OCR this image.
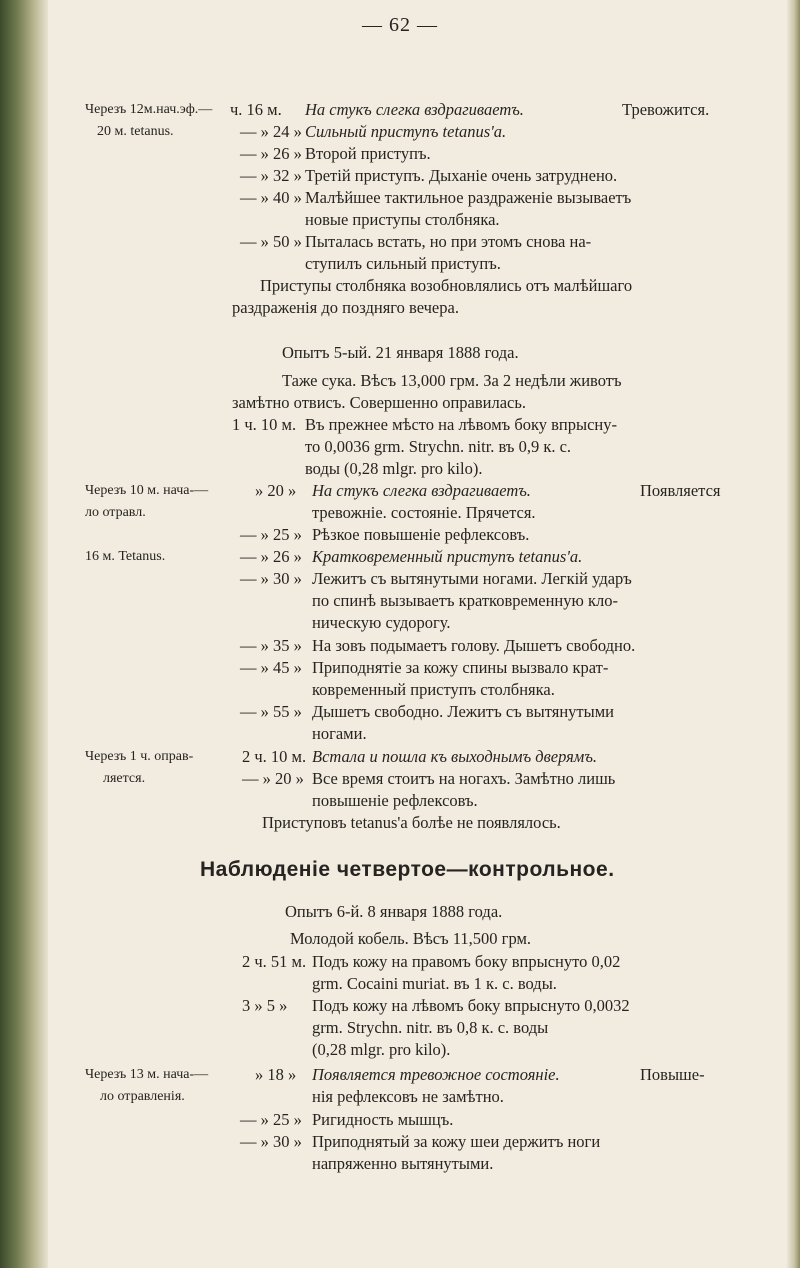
— 62 —
Черезъ 12м.нач.эф.— ч. 16 м. На стукъ слегка вздрагиваетъ.	Тревожится.
20 м. tetanus.	— » 24 » Сильный приступъ tetanus'а.
— » 26 » Второй приступъ.
— » 32 » Третій приступъ. Дыханіе очень затруднено.
— » 40 » Малѣйшее тактильное раздраженіе вызываетъ
новые приступы столбняка.
— » 50 » Пыталась встать, но при этомъ снова на-
ступилъ сильный приступъ.
Приступы столбняка возобновлялись отъ малѣйшаго
раздраженія до поздняго вечера.
Опытъ 5-ый. 21 января 1888 года.
Таже сука. Вѣсъ 13,000 грм. За 2 недѣли животъ
замѣтно отвисъ. Совершенно оправилась.
1 ч. 10 м. Въ прежнее мѣсто на лѣвомъ боку впрысну-
то 0,0036 grm. Strychn. nitr. въ 0,9 к. с.
воды (0,28 mlgr. pro kilo).
Черезъ 10 м. нача-—	» 20 » На стукъ слегка вздрагиваетъ.	Появляется
ло отравл.	тревожніе. состояніе. Прячется.
— » 25 » Рѣзкое повышеніе рефлексовъ.
16 м. Tetanus.	— » 26 » Кратковременный приступъ tetanus'а.
— » 30 » Лежитъ съ вытянутыми ногами. Легкій ударъ
по спинѣ вызываетъ кратковременную кло-
ническую судорогу.
— » 35 » На зовъ подымаетъ голову. Дышетъ свободно.
— » 45 » Приподнятіе за кожу спины вызвало крат-
ковременный приступъ столбняка.
— » 55 » Дышетъ свободно. Лежитъ съ вытянутыми
ногами.
Черезъ 1 ч. оправ-	2 ч. 10 м. Встала и пошла къ выходнымъ дверямъ.
ляется.	— » 20 » Все время стоитъ на ногахъ. Замѣтно лишь
повышеніе рефлексовъ.
Приступовъ tetanus'а болѣе не появлялось.
Наблюденіе четвертое—контрольное.
Опытъ 6-й. 8 января 1888 года.
Молодой кобель. Вѣсъ 11,500 грм.
2 ч. 51 м. Подъ кожу на правомъ боку впрыснуто 0,02
grm. Cocaini muriat. въ 1 к. с. воды.
3 » 5 » Подъ кожу на лѣвомъ боку впрыснуто 0,0032
grm. Strychn. nitr. въ 0,8 к. с. воды
(0,28 mlgr. pro kilo).
Черезъ 13 м. нача-—	» 18 » Появляется тревожное состояніе.	Повыше-
ло отравленія.	нія рефлексовъ не замѣтно.
— » 25 » Ригидность мышцъ.
— » 30 » Приподнятый за кожу шеи держитъ ноги
напряженно вытянутыми.
